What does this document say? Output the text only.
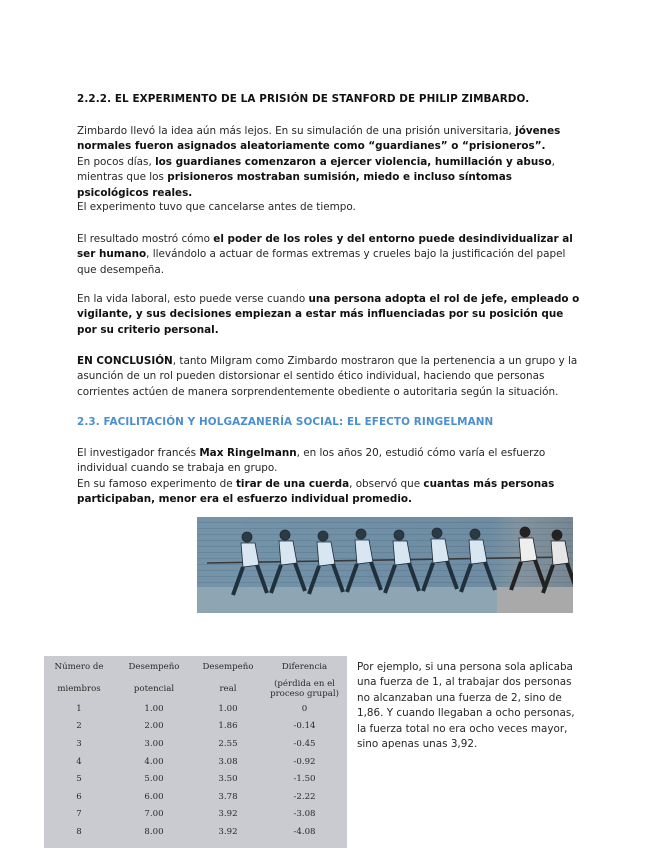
2.2.2. EL EXPERIMENTO DE LA PRISIÓN DE STANFORD DE PHILIP ZIMBARDO.
Zimbardo llevó la idea aún más lejos. En su simulación de una prisión universitaria, jóvenes normales fueron asignados aleatoriamente como “guardianes” o “prisioneros”.
En pocos días, los guardianes comenzaron a ejercer violencia, humillación y abuso, mientras que los prisioneros mostraban sumisión, miedo e incluso síntomas psicológicos reales.
El experimento tuvo que cancelarse antes de tiempo.
El resultado mostró cómo el poder de los roles y del entorno puede desindividualizar al ser humano, llevándolo a actuar de formas extremas y crueles bajo la justificación del papel que desempeña.
En la vida laboral, esto puede verse cuando una persona adopta el rol de jefe, empleado o vigilante, y sus decisiones empiezan a estar más influenciadas por su posición que por su criterio personal.
EN CONCLUSIÓN, tanto Milgram como Zimbardo mostraron que la pertenencia a un grupo y la asunción de un rol pueden distorsionar el sentido ético individual, haciendo que personas corrientes actúen de manera sorprendentemente obediente o autoritaria según la situación.
2.3. FACILITACIÓN Y HOLGAZANERÍA SOCIAL: EL EFECTO RINGELMANN
El investigador francés Max Ringelmann, en los años 20, estudió cómo varía el esfuerzo individual cuando se trabaja en grupo.
En su famoso experimento de tirar de una cuerda, observó que cuantas más personas participaban, menor era el esfuerzo individual promedio.
Número de	Desempeño	Desempeño	Diferencia
miembros	potencial	real	(pérdida en el
proceso grupal)
1	1.00	1.00	0
2	2.00	1.86	-0.14
3	3.00	2.55	-0.45
4	4.00	3.08	-0.92
5	5.00	3.50	-1.50
6	6.00	3.78	-2.22
7	7.00	3.92	-3.08
8	8.00	3.92	-4.08
Por ejemplo, si una persona sola aplicaba una fuerza de 1, al trabajar dos personas no alcanzaban una fuerza de 2, sino de 1,86. Y cuando llegaban a ocho personas, la fuerza total no era ocho veces mayor, sino apenas unas 3,92.
